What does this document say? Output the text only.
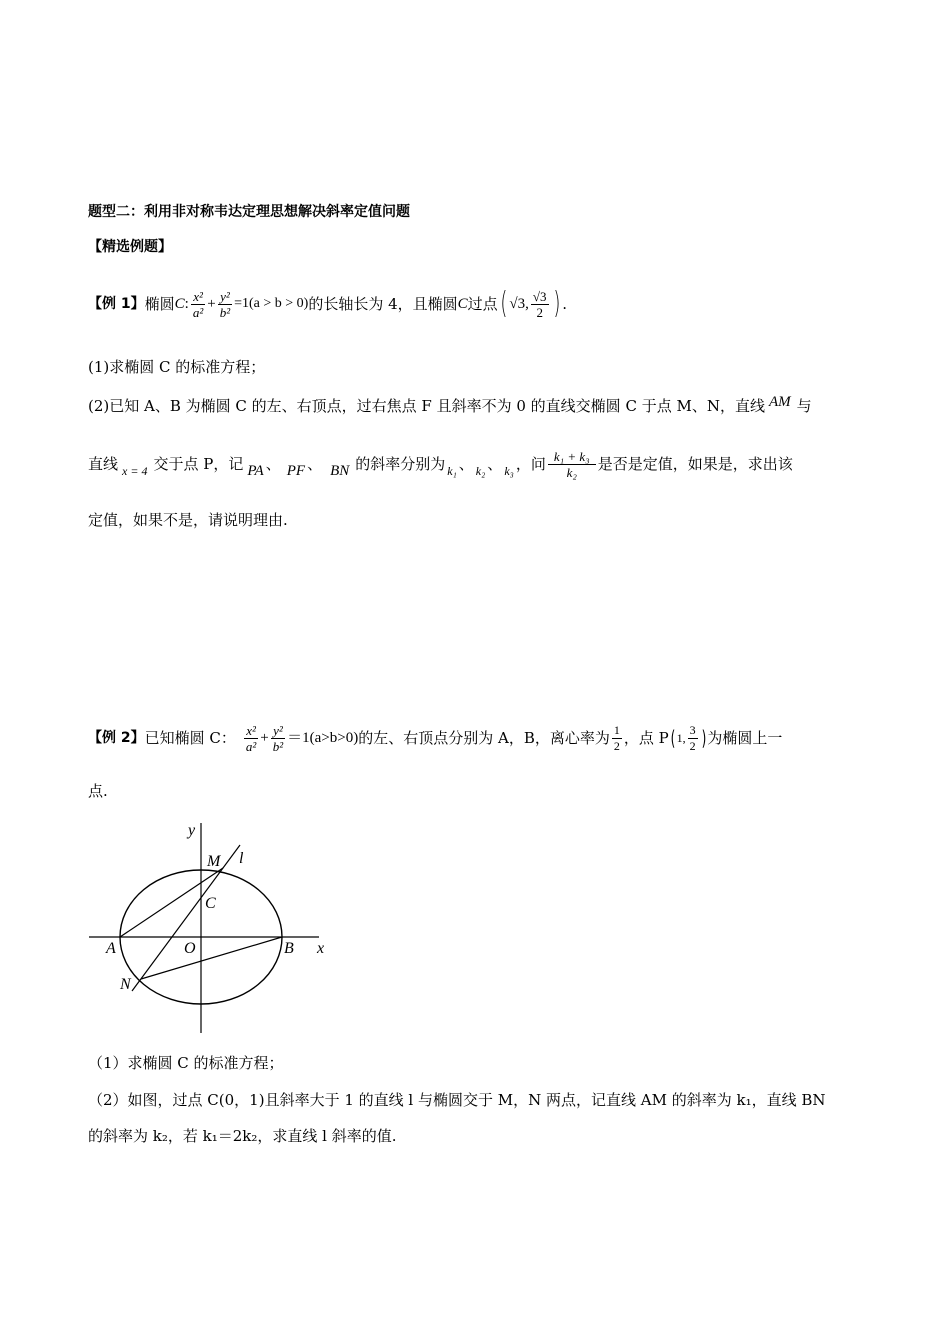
题型二：利用非对称韦达定理思想解决斜率定值问题
【精选例题】
【例 1】 椭圆 C : $\frac{\text{x²}}{\text{a²}} + \frac{\text{y²}}{\text{b²}} =1(a > b > 0)$ 的长轴长为 4，且椭圆 C 过点 ( √3, $\frac{√3}{2}$ ) .
(1)求椭圆 C 的标准方程；
(2)已知 A、B 为椭圆 C 的左、右顶点，过右焦点 F 且斜率不为 0 的直线交椭圆 C 于点 M、N，直线 AM 与
直线 x = 4 交于点 P，记 PA 、 PF 、 BN 的斜率分别为 k₁ 、 k₂ 、 k₃ ，问 $\frac{\text{k₁ + k₃}}{\text{k₂}}$ 是否是定值，如果是，求出该
定值，如果不是，请说明理由.
【例 2】 已知椭圆 C： $\frac{\text{x²}}{\text{a²}} + \frac{\text{y²}}{\text{b²}} =1(a>b>0)$ 的左、右顶点分别为 A，B，离心率为 $\frac{1}{2}$ ，点 P ( 1, $\frac{3}{2}$ ) 为椭圆上一
点.
y
x
M l
C
A	O	B
N
（1）求椭圆 C 的标准方程；
（2）如图，过点 C(0，1)且斜率大于 1 的直线 l 与椭圆交于 M，N 两点，记直线 AM 的斜率为 k₁，直线 BN
的斜率为 k₂，若 k₁＝2k₂，求直线 l 斜率的值.
